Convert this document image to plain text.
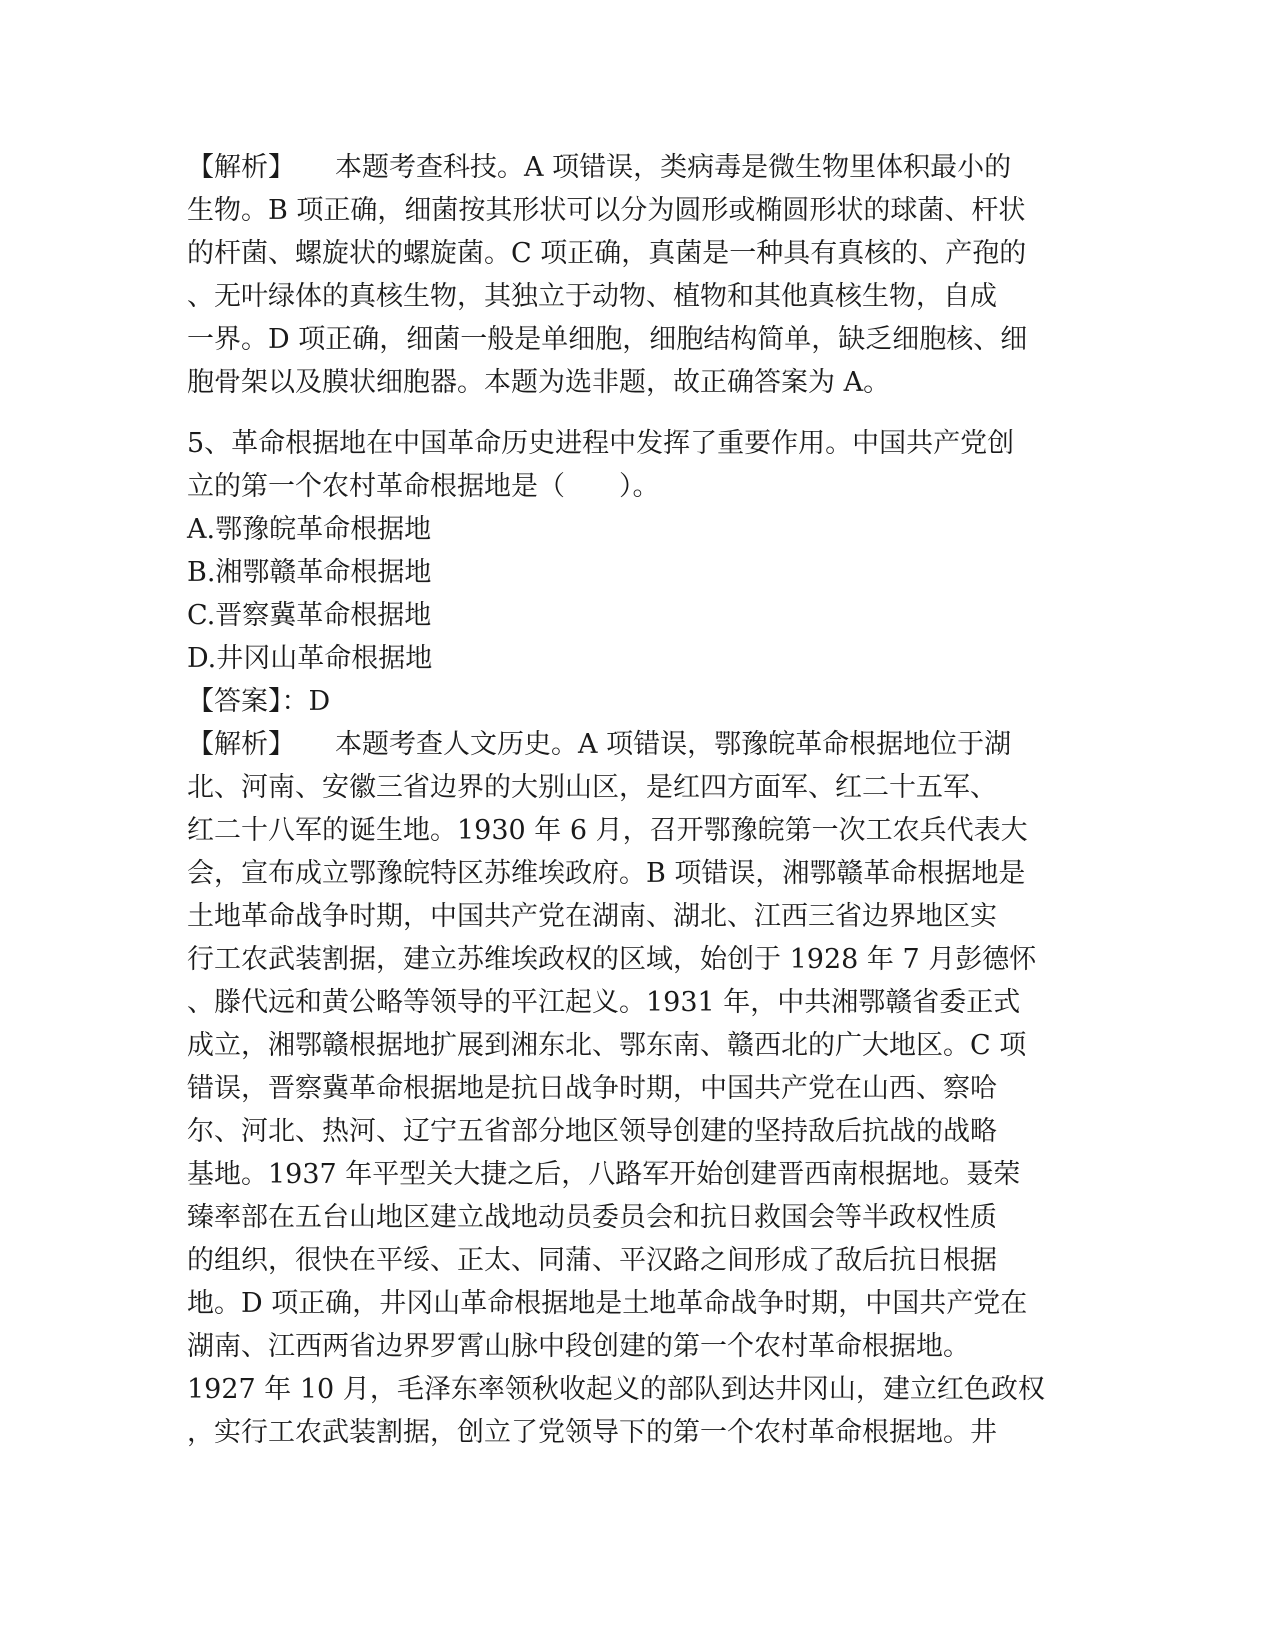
【解析】 本题考查科技。A 项错误，类病毒是微生物里体积最小的
生物。B 项正确，细菌按其形状可以分为圆形或椭圆形状的球菌、杆状
的杆菌、螺旋状的螺旋菌。C 项正确，真菌是一种具有真核的、产孢的
、无叶绿体的真核生物，其独立于动物、植物和其他真核生物，自成
一界。D 项正确，细菌一般是单细胞，细胞结构简单，缺乏细胞核、细
胞骨架以及膜状细胞器。本题为选非题，故正确答案为 A。
5、革命根据地在中国革命历史进程中发挥了重要作用。中国共产党创
立的第一个农村革命根据地是（　　）。
A.鄂豫皖革命根据地
B.湘鄂赣革命根据地
C.晋察冀革命根据地
D.井冈山革命根据地
【答案】：D
【解析】 本题考查人文历史。A 项错误，鄂豫皖革命根据地位于湖
北、河南、安徽三省边界的大别山区，是红四方面军、红二十五军、
红二十八军的诞生地。1930 年 6 月，召开鄂豫皖第一次工农兵代表大
会，宣布成立鄂豫皖特区苏维埃政府。B 项错误，湘鄂赣革命根据地是
土地革命战争时期，中国共产党在湖南、湖北、江西三省边界地区实
行工农武装割据，建立苏维埃政权的区域，始创于 1928 年 7 月彭德怀
、滕代远和黄公略等领导的平江起义。1931 年，中共湘鄂赣省委正式
成立，湘鄂赣根据地扩展到湘东北、鄂东南、赣西北的广大地区。C 项
错误，晋察冀革命根据地是抗日战争时期，中国共产党在山西、察哈
尔、河北、热河、辽宁五省部分地区领导创建的坚持敌后抗战的战略
基地。1937 年平型关大捷之后，八路军开始创建晋西南根据地。聂荣
臻率部在五台山地区建立战地动员委员会和抗日救国会等半政权性质
的组织，很快在平绥、正太、同蒲、平汉路之间形成了敌后抗日根据
地。D 项正确，井冈山革命根据地是土地革命战争时期，中国共产党在
湖南、江西两省边界罗霄山脉中段创建的第一个农村革命根据地。
1927 年 10 月，毛泽东率领秋收起义的部队到达井冈山，建立红色政权
，实行工农武装割据，创立了党领导下的第一个农村革命根据地。井
